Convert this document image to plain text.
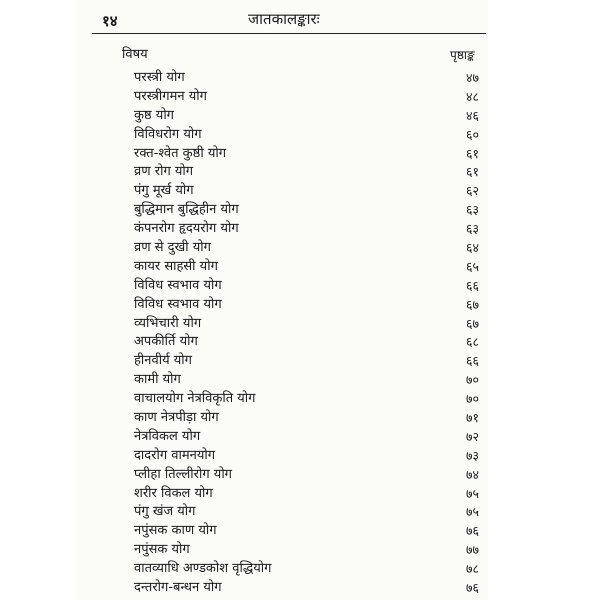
१४	जातकालङ्कारः
विषय	पृष्ठाङ्क
परस्त्री योग	४७
परस्त्रीगमन योग	४८
कुष्ठ योग	४६
विविधरोग योग	६०
रक्त-श्वेत कुष्ठी योग	६१
व्रण रोग योग	६१
पंगु मूर्ख योग	६२
बुद्धिमान बुद्धिहीन योग	६३
कंपनरोग हृदयरोग योग	६३
व्रण से दुखी योग	६४
कायर साहसी योग	६५
विविध स्वभाव योग	६६
विविध स्वभाव योग	६७
व्यभिचारी योग	६७
अपकीर्ति योग	६८
हीनवीर्य योग	६६
कामी योग	७०
वाचालयोग नेत्रविकृति योग	७०
काण नेत्रपीड़ा योग	७१
नेत्रविकल योग	७२
दादरोग वामनयोग	७३
प्लीहा तिल्लीरोग योग	७४
शरीर विकल योग	७५
पंगु खंज योग	७५
नपुंसक काण योग	७६
नपुंसक योग	७७
वातव्याधि अण्डकोश वृद्धियोग	७८
दन्तरोग-बन्धन योग	७६
